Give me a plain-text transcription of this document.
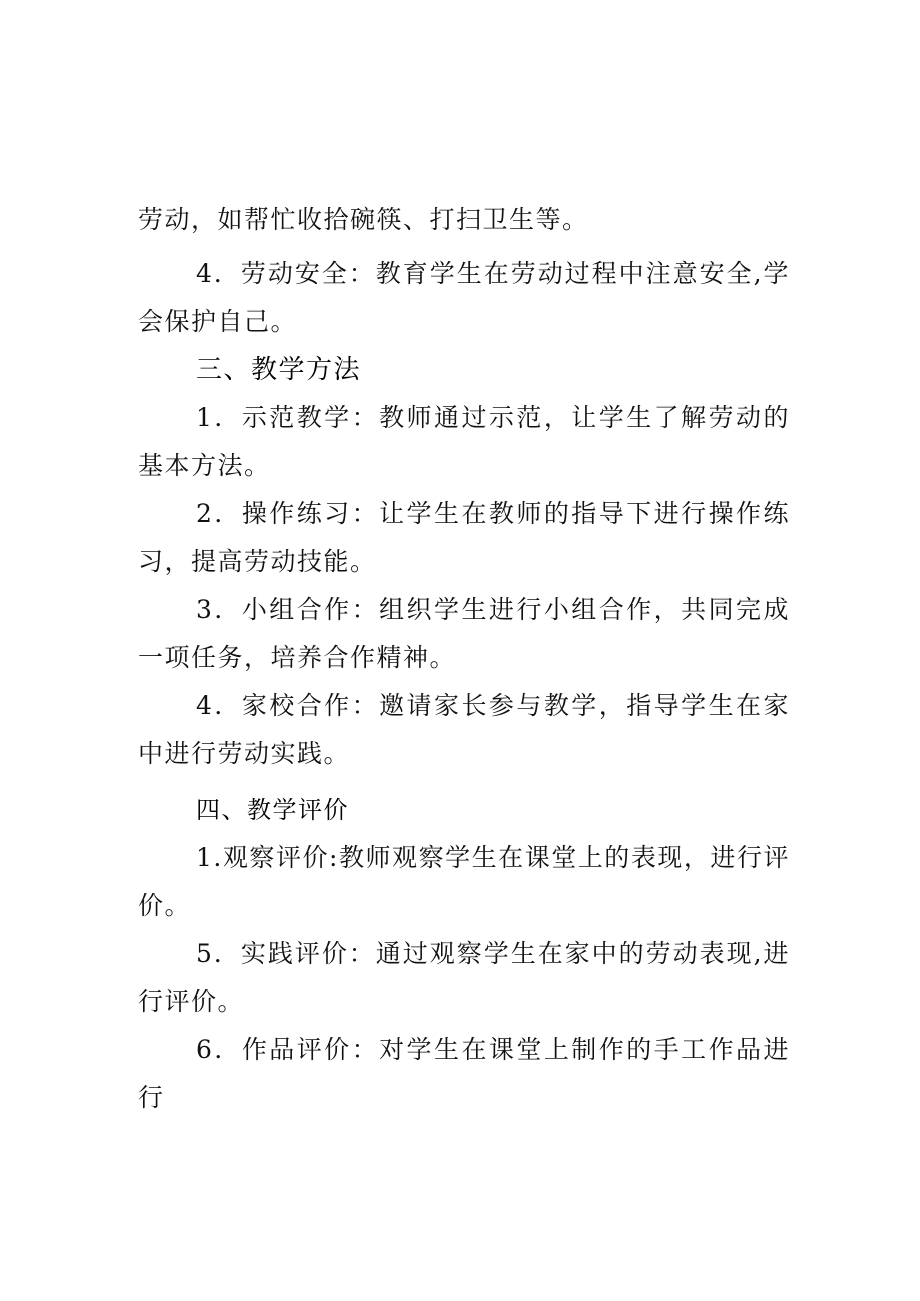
劳动，如帮忙收拾碗筷、打扫卫生等。

4．劳动安全：教育学生在劳动过程中注意安全,学会保护自己。

三、教学方法

1．示范教学：教师通过示范，让学生了解劳动的基本方法。

2．操作练习：让学生在教师的指导下进行操作练习，提高劳动技能。

3．小组合作：组织学生进行小组合作，共同完成一项任务，培养合作精神。

4．家校合作：邀请家长参与教学，指导学生在家中进行劳动实践。

四、教学评价

1.观察评价:教师观察学生在课堂上的表现，进行评价。

5．实践评价：通过观察学生在家中的劳动表现,进行评价。

6．作品评价：对学生在课堂上制作的手工作品进行
